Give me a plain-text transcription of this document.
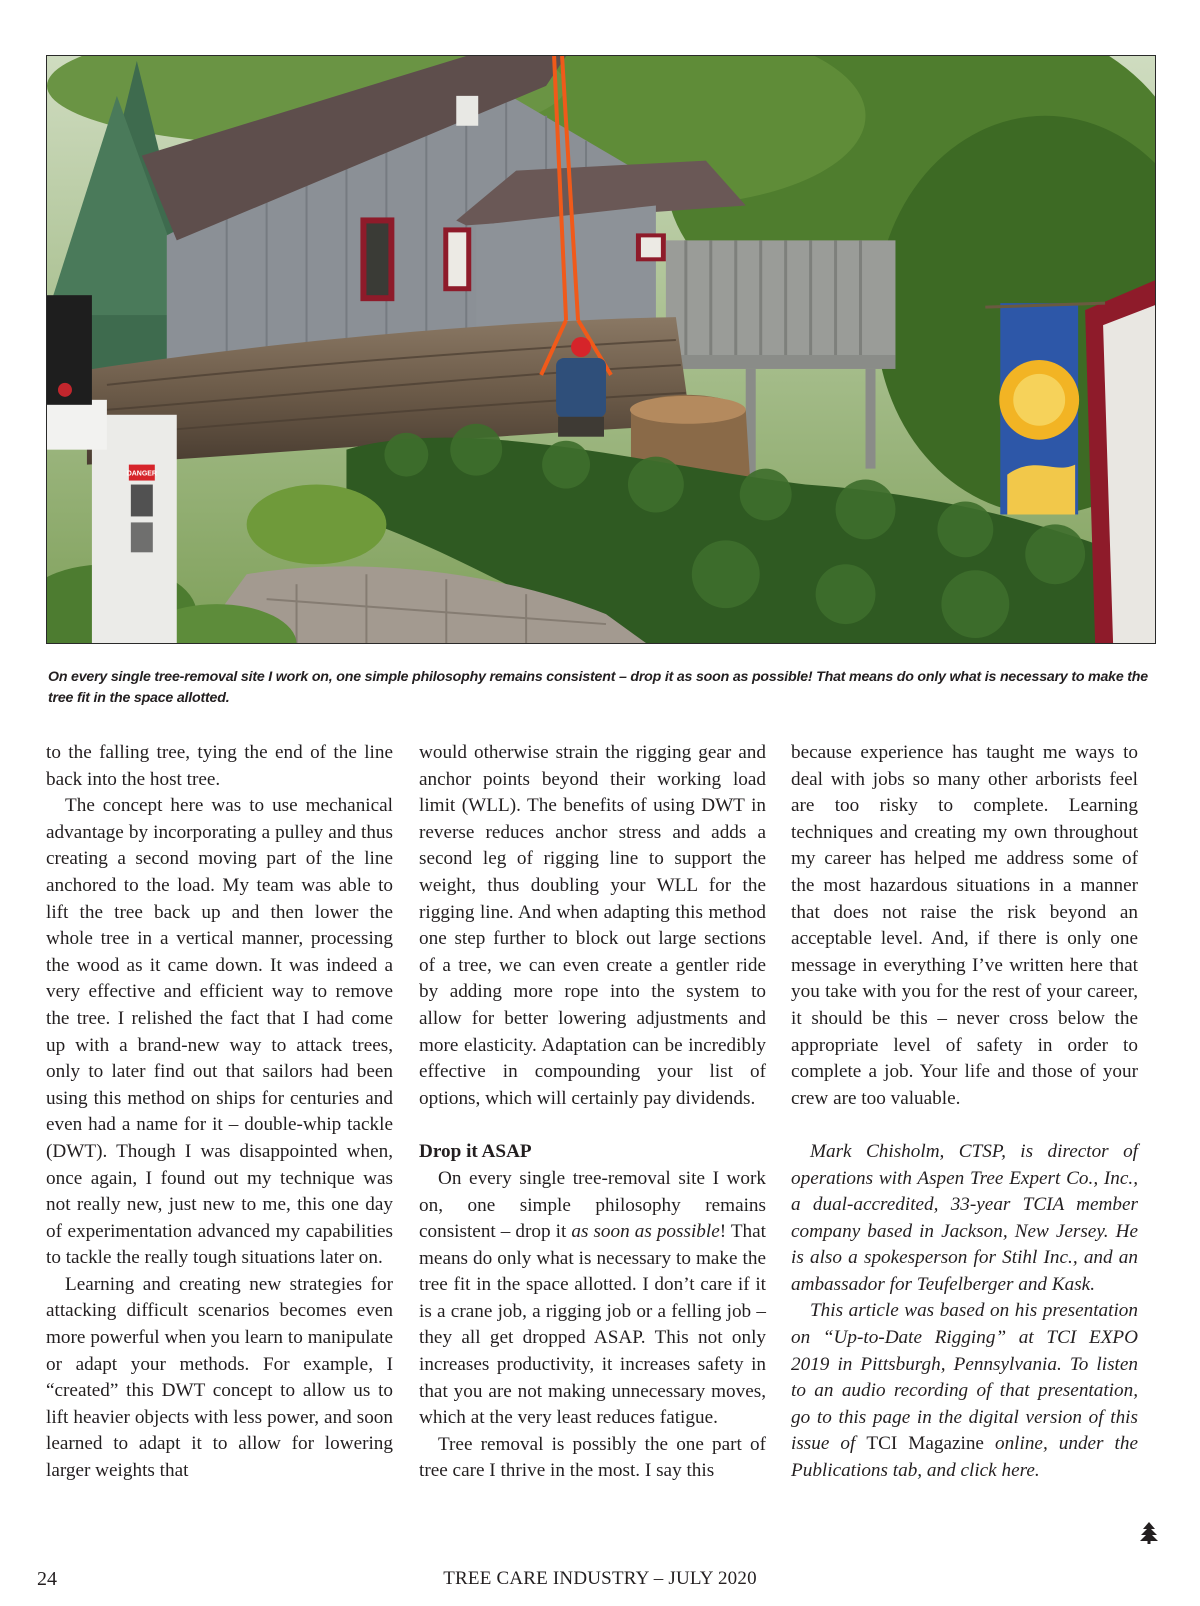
DANGER
On every single tree-removal site I work on, one simple philosophy remains consistent – drop it as soon as possible! That means do only what is necessary to make the tree fit in the space allotted.

to the falling tree, tying the end of the line back into the host tree.

The concept here was to use mechanical advantage by incorporating a pulley and thus creating a second moving part of the line anchored to the load. My team was able to lift the tree back up and then lower the whole tree in a vertical manner, processing the wood as it came down. It was indeed a very effective and efficient way to remove the tree. I relished the fact that I had come up with a brand-new way to attack trees, only to later find out that sailors had been using this method on ships for centuries and even had a name for it – double-whip tackle (DWT). Though I was disappointed when, once again, I found out my technique was not really new, just new to me, this one day of experimentation advanced my capabilities to tackle the really tough situations later on.

Learning and creating new strategies for attacking difficult scenarios becomes even more powerful when you learn to manipulate or adapt your methods. For example, I “created” this DWT concept to allow us to lift heavier objects with less power, and soon learned to adapt it to allow for lowering larger weights that

would otherwise strain the rigging gear and anchor points beyond their working load limit (WLL). The benefits of using DWT in reverse reduces anchor stress and adds a second leg of rigging line to support the weight, thus doubling your WLL for the rigging line. And when adapting this method one step further to block out large sections of a tree, we can even create a gentler ride by adding more rope into the system to allow for better lowering adjustments and more elasticity. Adaptation can be incredibly effective in compounding your list of options, which will certainly pay dividends.

Drop it ASAP

On every single tree-removal site I work on, one simple philosophy remains consistent – drop it as soon as possible! That means do only what is necessary to make the tree fit in the space allotted. I don’t care if it is a crane job, a rigging job or a felling job – they all get dropped ASAP. This not only increases productivity, it increases safety in that you are not making unnecessary moves, which at the very least reduces fatigue.

Tree removal is possibly the one part of tree care I thrive in the most. I say this

because experience has taught me ways to deal with jobs so many other arborists feel are too risky to complete. Learning techniques and creating my own throughout my career has helped me address some of the most hazardous situations in a manner that does not raise the risk beyond an acceptable level. And, if there is only one message in everything I’ve written here that you take with you for the rest of your career, it should be this – never cross below the appropriate level of safety in order to complete a job. Your life and those of your crew are too valuable.

Mark Chisholm, CTSP, is director of operations with Aspen Tree Expert Co., Inc., a dual-accredited, 33-year TCIA member company based in Jackson, New Jersey. He is also a spokesperson for Stihl Inc., and an ambassador for Teufelberger and Kask.

This article was based on his presentation on “Up-to-Date Rigging” at TCI EXPO 2019 in Pittsburgh, Pennsylvania. To listen to an audio recording of that presentation, go to this page in the digital version of this issue of TCI Magazine online, under the Publications tab, and click here.

TREE CARE INDUSTRY – JULY 2020
24
